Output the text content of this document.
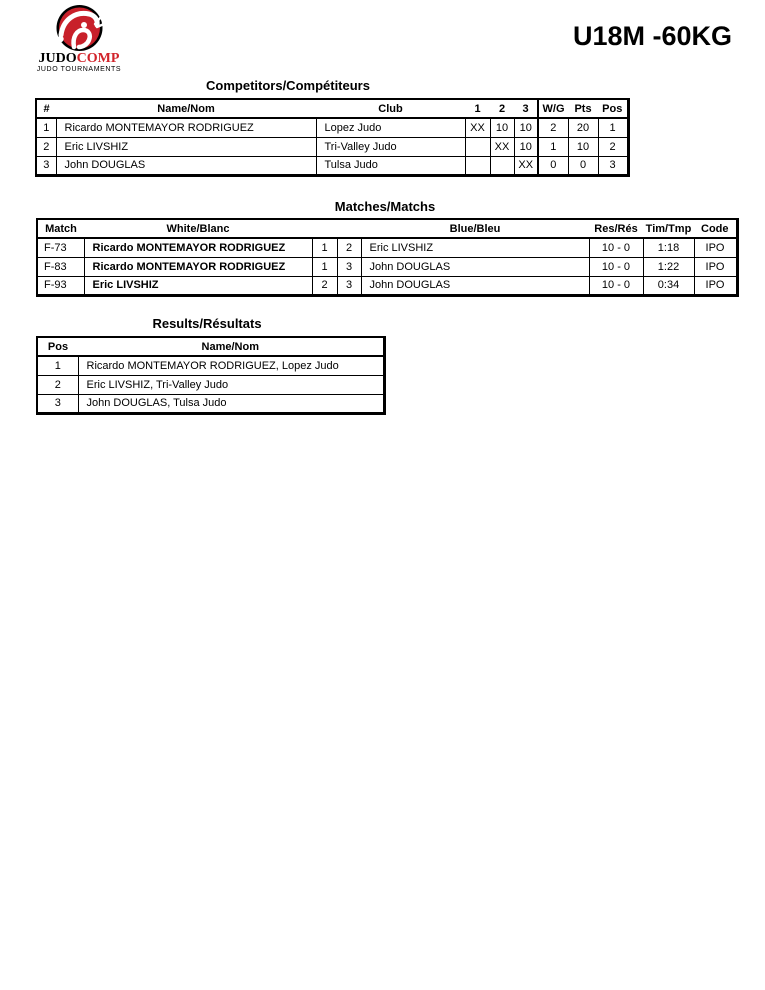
JUDOCOMP
JUDO TOURNAMENTS
U18M -60KG
Competitors/Compétiteurs
#	Name/Nom	Club	1	2	3	W/G	Pts	Pos
1	Ricardo MONTEMAYOR RODRIGUEZ	Lopez Judo	XX	10	10	2	20	1
2	Eric LIVSHIZ	Tri-Valley Judo		XX	10	1	10	2
3	John DOUGLAS	Tulsa Judo			XX	0	0	3
Matches/Matchs
Match	White/Blanc			Blue/Bleu	Res/Rés	Tim/Tmp	Code
F-73	Ricardo MONTEMAYOR RODRIGUEZ	1	2	Eric LIVSHIZ	10 - 0	1:18	IPO
F-83	Ricardo MONTEMAYOR RODRIGUEZ	1	3	John DOUGLAS	10 - 0	1:22	IPO
F-93	Eric LIVSHIZ	2	3	John DOUGLAS	10 - 0	0:34	IPO
Results/Résultats
Pos	Name/Nom
1	Ricardo MONTEMAYOR RODRIGUEZ, Lopez Judo
2	Eric LIVSHIZ, Tri-Valley Judo
3	John DOUGLAS, Tulsa Judo
